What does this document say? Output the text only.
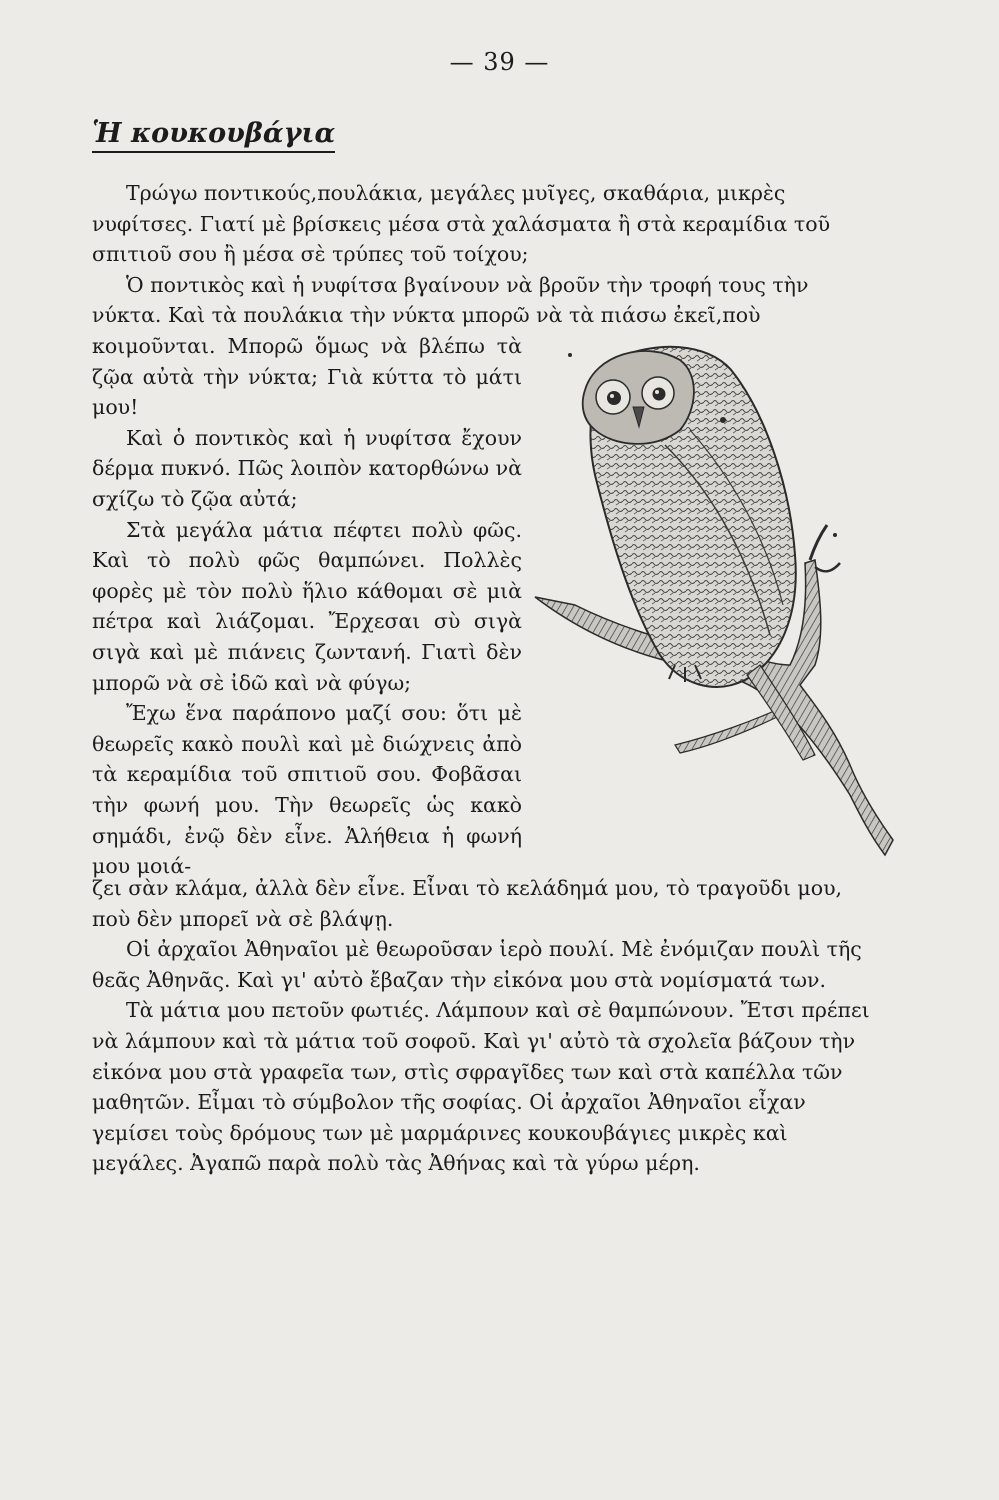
— 39 —
Ἡ κουκουβάγια

Τρώγω ποντικούς,πουλάκια, μεγάλες μυῖγες, σκαθάρια, μικρὲς νυφίτσες. Γιατί μὲ βρίσκεις μέσα στὰ χαλάσματα ἢ στὰ κεραμίδια τοῦ σπιτιοῦ σου ἢ μέσα σὲ τρύπες τοῦ τοίχου;

Ὁ ποντικὸς καὶ ἡ νυφίτσα βγαίνουν νὰ βροῦν τὴν τροφή τους τὴν νύκτα. Καὶ τὰ πουλάκια τὴν νύκτα μπορῶ νὰ τὰ πιάσω ἐκεῖ,ποὺ

κοιμοῦνται. Μπορῶ ὅμως νὰ βλέπω τὰ ζῷα αὐτὰ τὴν νύκτα; Γιὰ κύττα τὸ μάτι μου!

Καὶ ὁ ποντικὸς καὶ ἡ νυφίτσα ἔχουν δέρμα πυκνό. Πῶς λοιπὸν κατορθώνω νὰ σχίζω τὸ ζῷα αὐτά;

Στὰ μεγάλα μάτια πέφτει πολὺ φῶς. Καὶ τὸ πολὺ φῶς θαμπώνει. Πολλὲς φορὲς μὲ τὸν πολὺ ἥλιο κάθομαι σὲ μιὰ πέτρα καὶ λιάζομαι. Ἔρχεσαι σὺ σιγὰ σιγὰ καὶ μὲ πιάνεις ζωντανή. Γιατὶ δὲν μπορῶ νὰ σὲ ἰδῶ καὶ νὰ φύγω;

Ἔχω ἕνα παράπονο μαζί σου: ὅτι μὲ θεωρεῖς κακὸ πουλὶ καὶ μὲ διώχνεις ἀπὸ τὰ κεραμίδια τοῦ σπιτιοῦ σου. Φοβᾶσαι τὴν φωνή μου. Τὴν θεωρεῖς ὡς κακὸ σημάδι, ἐνῷ δὲν εἶνε. Ἀλήθεια ἡ φωνή μου μοιά-

ζει σὰν κλάμα, ἀλλὰ δὲν εἶνε. Εἶναι τὸ κελάδημά μου, τὸ τραγοῦδι μου, ποὺ δὲν μπορεῖ νὰ σὲ βλάψῃ.

Οἱ ἀρχαῖοι Ἀθηναῖοι μὲ θεωροῦσαν ἱερὸ πουλί. Μὲ ἐνόμιζαν πουλὶ τῆς θεᾶς Ἀθηνᾶς. Καὶ γι' αὐτὸ ἔβαζαν τὴν εἰκόνα μου στὰ νομίσματά των.

Τὰ μάτια μου πετοῦν φωτιές. Λάμπουν καὶ σὲ θαμπώνουν. Ἔτσι πρέπει νὰ λάμπουν καὶ τὰ μάτια τοῦ σοφοῦ. Καὶ γι' αὐτὸ τὰ σχολεῖα βάζουν τὴν εἰκόνα μου στὰ γραφεῖα των, στὶς σφραγῖδες των καὶ στὰ καπέλλα τῶν μαθητῶν. Εἶμαι τὸ σύμβολον τῆς σοφίας. Οἱ ἀρχαῖοι Ἀθηναῖοι εἶχαν γεμίσει τοὺς δρόμους των μὲ μαρμάρινες κουκουβάγιες μικρὲς καὶ μεγάλες. Ἀγαπῶ παρὰ πολὺ τὰς Ἀθήνας καὶ τὰ γύρω μέρη.
